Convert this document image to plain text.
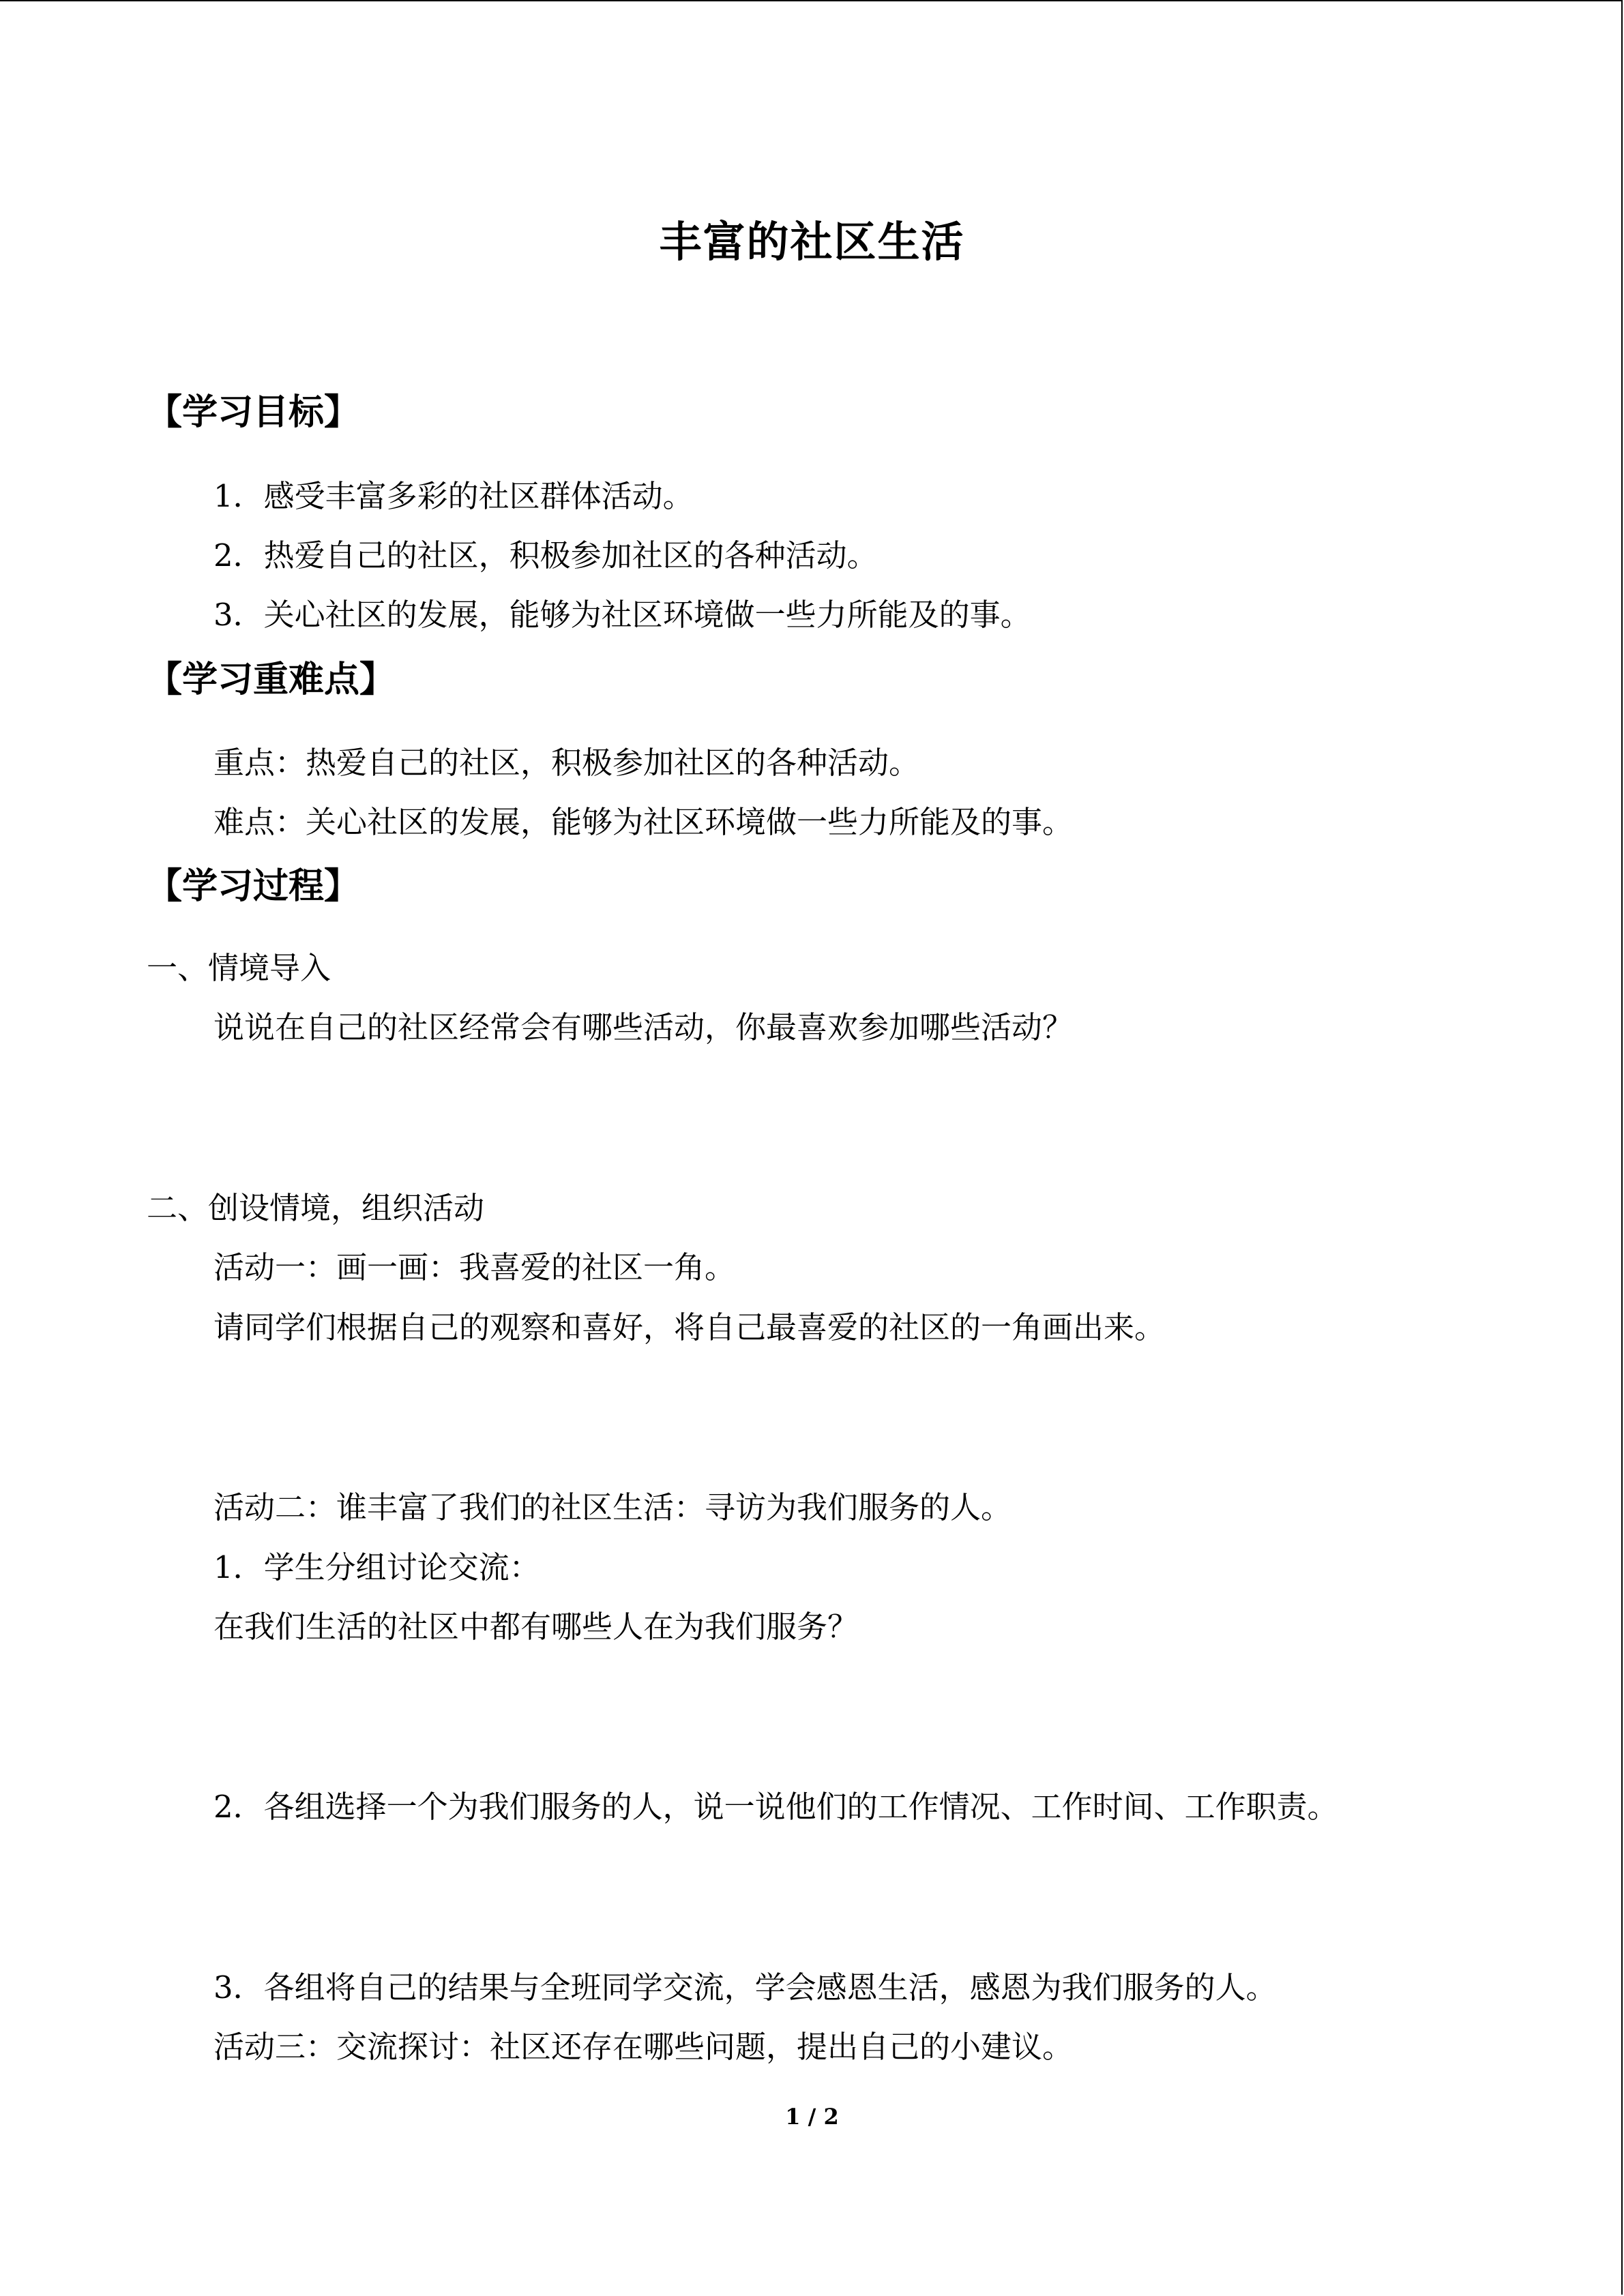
丰富的社区生活
【学习目标】
1．感受丰富多彩的社区群体活动。
2．热爱自己的社区，积极参加社区的各种活动。
3．关心社区的发展，能够为社区环境做一些力所能及的事。
【学习重难点】
重点：热爱自己的社区，积极参加社区的各种活动。
难点：关心社区的发展，能够为社区环境做一些力所能及的事。
【学习过程】
一、情境导入
说说在自己的社区经常会有哪些活动，你最喜欢参加哪些活动？
二、创设情境，组织活动
活动一：画一画：我喜爱的社区一角。
请同学们根据自己的观察和喜好，将自己最喜爱的社区的一角画出来。
活动二：谁丰富了我们的社区生活：寻访为我们服务的人。
1．学生分组讨论交流：
在我们生活的社区中都有哪些人在为我们服务？
2．各组选择一个为我们服务的人，说一说他们的工作情况、工作时间、工作职责。
3．各组将自己的结果与全班同学交流，学会感恩生活，感恩为我们服务的人。
活动三：交流探讨：社区还存在哪些问题，提出自己的小建议。
1 / 2
